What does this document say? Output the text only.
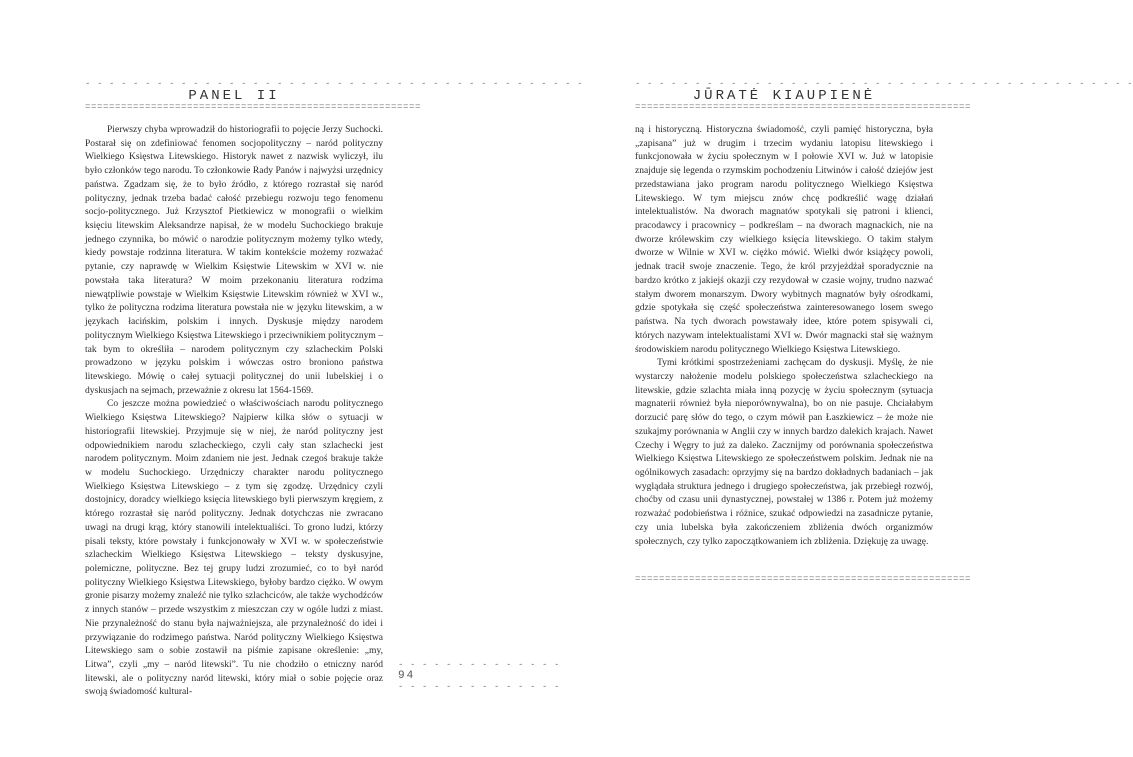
- - - - - - - - - - - - - - - - - - - - - - - - - - - - - - - - - - - - - - - - - -
PANEL II
========================================================

Pierwszy chyba wprowadził do historiografii to pojęcie Jerzy Suchocki. Postarał się on zdefiniować fenomen socjopolityczny – naród polityczny Wielkiego Księstwa Litewskiego. Historyk nawet z nazwisk wyliczył, ilu było członków tego narodu. To członkowie Rady Panów i najwyżsi urzędnicy państwa. Zgadzam się, że to było źródło, z którego rozrastał się naród polityczny, jednak trzeba badać całość przebiegu rozwoju tego fenomenu socjo-politycznego. Już Krzysztof Pietkiewicz w monografii o wielkim księciu litewskim Aleksandrze napisał, że w modelu Suchockiego brakuje jednego czynnika, bo mówić o narodzie politycznym możemy tylko wtedy, kiedy powstaje rodzinna literatura. W takim kontekście możemy rozważać pytanie, czy naprawdę w Wielkim Księstwie Litewskim w XVI w. nie powstała taka literatura? W moim przekonaniu literatura rodzima niewątpliwie powstaje w Wielkim Księstwie Litewskim również w XVI w., tylko że polityczna rodzima literatura powstała nie w języku litewskim, a w językach łacińskim, polskim i innych. Dyskusje między narodem politycznym Wielkiego Księstwa Litewskiego i przeciwnikiem politycznym – tak bym to określiła – narodem politycznym czy szlacheckim Polski prowadzono w języku polskim i wówczas ostro broniono państwa litewskiego. Mówię o całej sytuacji politycznej do unii lubelskiej i o dyskusjach na sejmach, przeważnie z okresu lat 1564-1569.

Co jeszcze można powiedzieć o właściwościach narodu politycznego Wielkiego Księstwa Litewskiego? Najpierw kilka słów o sytuacji w historiografii litewskiej. Przyjmuje się w niej, że naród polityczny jest odpowiednikiem narodu szlacheckiego, czyli cały stan szlachecki jest narodem politycznym. Moim zdaniem nie jest. Jednak czegoś brakuje także w modelu Suchockiego. Urzędniczy charakter narodu politycznego Wielkiego Księstwa Litewskiego – z tym się zgodzę. Urzędnicy czyli dostojnicy, doradcy wielkiego księcia litewskiego byli pierwszym kręgiem, z którego rozrastał się naród polityczny. Jednak dotychczas nie zwracano uwagi na drugi krąg, który stanowili intelektualiści. To grono ludzi, którzy pisali teksty, które powstały i funkcjonowały w XVI w. w społeczeństwie szlacheckim Wielkiego Księstwa Litewskiego – teksty dyskusyjne, polemiczne, polityczne. Bez tej grupy ludzi zrozumieć, co to był naród polityczny Wielkiego Księstwa Litewskiego, byłoby bardzo ciężko. W owym gronie pisarzy możemy znaleźć nie tylko szlachciców, ale także wychodźców z innych stanów – przede wszystkim z mieszczan czy w ogóle ludzi z miast. Nie przynależność do stanu była najważniejsza, ale przynależność do idei i przywiązanie do rodzimego państwa. Naród polityczny Wielkiego Księstwa Litewskiego sam o sobie zostawił na piśmie zapisane określenie: „my, Litwa”, czyli „my – naród litewski”. Tu nie chodziło o etniczny naród litewski, ale o polityczny naród litewski, który miał o sobie pojęcie oraz swoją świadomość kultural-

- - - - - - - - - - - - - - - - - - - - - - - - - - - - - - - - - - - - - - - - - -
JŪRATĖ KIAUPIENĖ
========================================================

ną i historyczną. Historyczna świadomość, czyli pamięć historyczna, była „zapisana” już w drugim i trzecim wydaniu latopisu litewskiego i funkcjonowała w życiu społecznym w I połowie XVI w. Już w latopisie znajduje się legenda o rzymskim pochodzeniu Litwinów i całość dziejów jest przedstawiana jako program narodu politycznego Wielkiego Księstwa Litewskiego. W tym miejscu znów chcę podkreślić wagę działań intelektualistów. Na dworach magnatów spotykali się patroni i klienci, pracodawcy i pracownicy – podkreślam – na dworach magnackich, nie na dworze królewskim czy wielkiego księcia litewskiego. O takim stałym dworze w Wilnie w XVI w. ciężko mówić. Wielki dwór książęcy powoli, jednak tracił swoje znaczenie. Tego, że król przyjeżdżał sporadycznie na bardzo krótko z jakiejś okazji czy rezydował w czasie wojny, trudno nazwać stałym dworem monarszym. Dwory wybitnych magnatów były ośrodkami, gdzie spotykała się część społeczeństwa zainteresowanego losem swego państwa. Na tych dworach powstawały idee, które potem spisywali ci, których nazywam intelektualistami XVI w. Dwór magnacki stał się ważnym środowiskiem narodu politycznego Wielkiego Księstwa Litewskiego.

Tymi krótkimi spostrzeżeniami zachęcam do dyskusji. Myślę, że nie wystarczy nałożenie modelu polskiego społeczeństwa szlacheckiego na litewskie, gdzie szlachta miała inną pozycję w życiu społecznym (sytuacja magnaterii również była nieporównywalna), bo on nie pasuje. Chciałabym dorzucić parę słów do tego, o czym mówił pan Łaszkiewicz – że może nie szukajmy porównania w Anglii czy w innych bardzo dalekich krajach. Nawet Czechy i Węgry to już za daleko. Zacznijmy od porównania społeczeństwa Wielkiego Księstwa Litewskiego ze społeczeństwem polskim. Jednak nie na ogólnikowych zasadach: oprzyjmy się na bardzo dokładnych badaniach – jak wyglądała struktura jednego i drugiego społeczeństwa, jak przebiegł rozwój, choćby od czasu unii dynastycznej, powstałej w 1386 r. Potem już możemy rozważać podobieństwa i różnice, szukać odpowiedzi na zasadnicze pytanie, czy unia lubelska była zakończeniem zbliżenia dwóch organizmów społecznych, czy tylko zapoczątkowaniem ich zbliżenia. Dziękuję za uwagę.

========================================================
- - - - - - - - - - - - - -
94
- - - - - - - - - - - - - -
